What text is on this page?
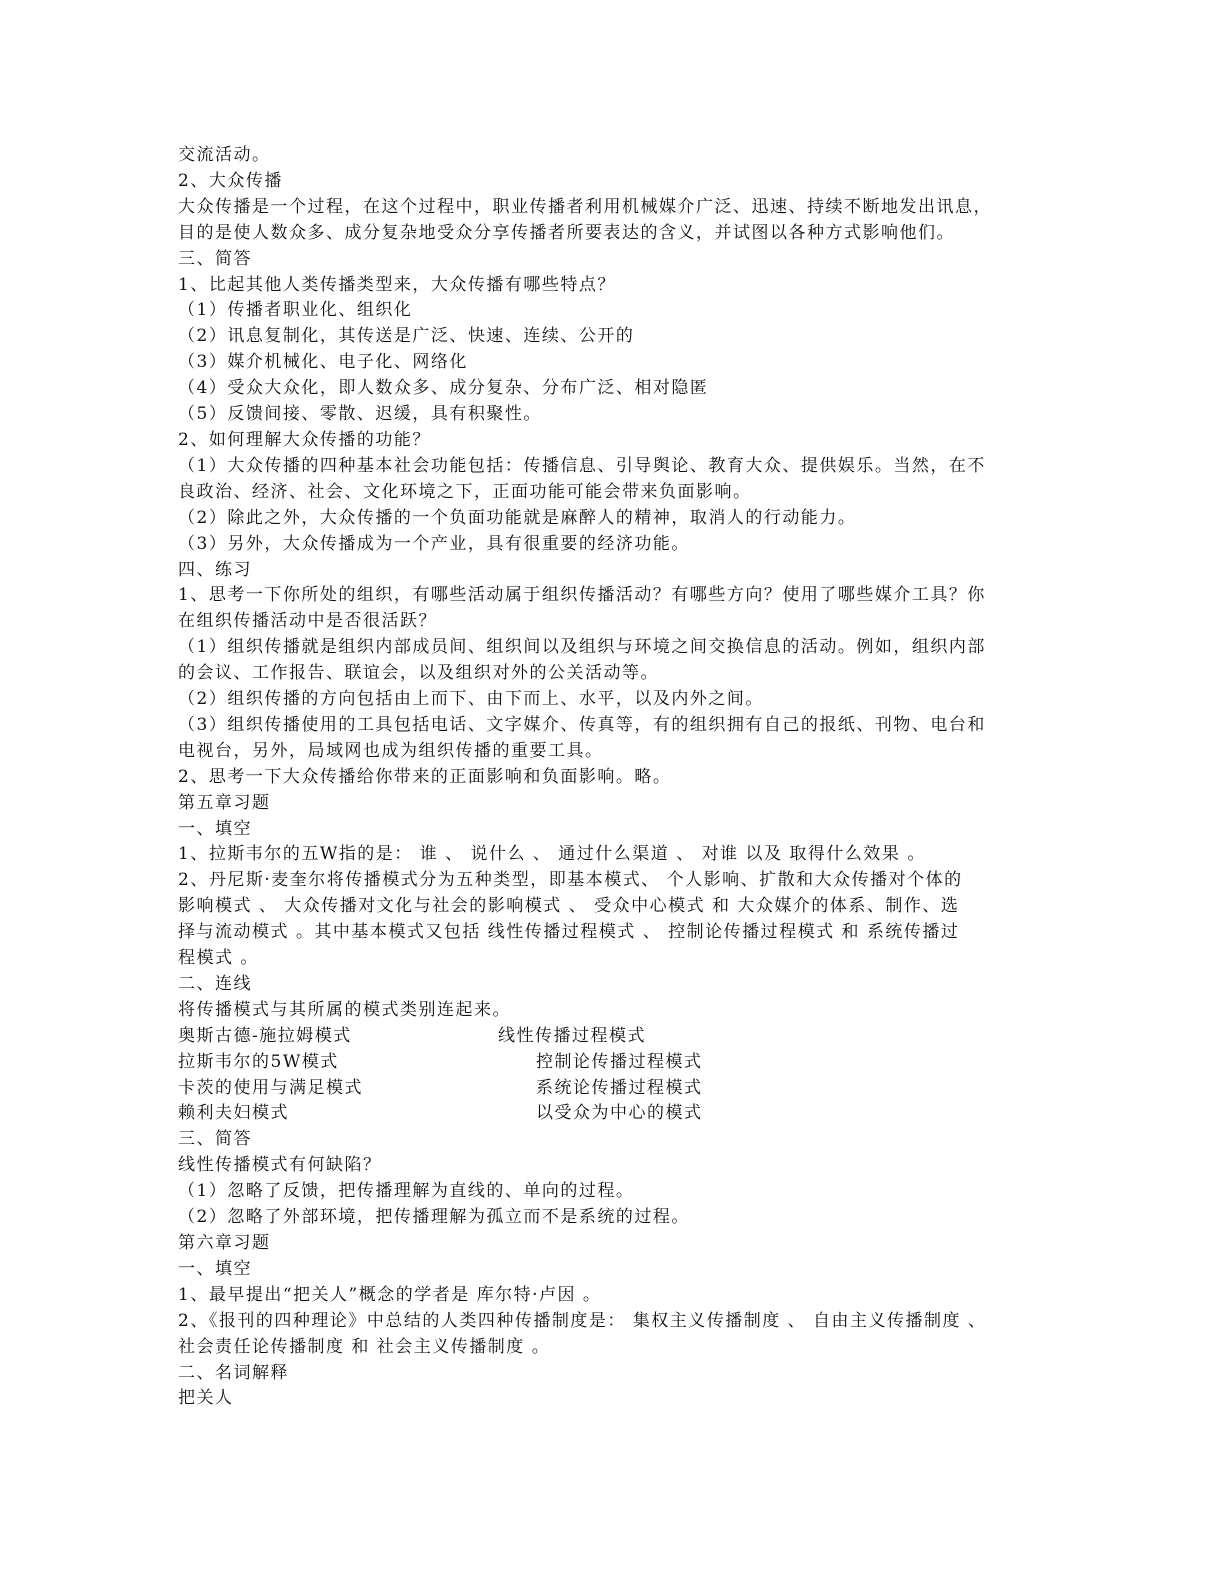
交流活动。
2、大众传播
大众传播是一个过程，在这个过程中，职业传播者利用机械媒介广泛、迅速、持续不断地发出讯息，
目的是使人数众多、成分复杂地受众分享传播者所要表达的含义，并试图以各种方式影响他们。
三、简答
1、比起其他人类传播类型来，大众传播有哪些特点？
（1）传播者职业化、组织化
（2）讯息复制化，其传送是广泛、快速、连续、公开的
（3）媒介机械化、电子化、网络化
（4）受众大众化，即人数众多、成分复杂、分布广泛、相对隐匿
（5）反馈间接、零散、迟缓，具有积聚性。
2、如何理解大众传播的功能？
（1）大众传播的四种基本社会功能包括：传播信息、引导舆论、教育大众、提供娱乐。当然，在不
良政治、经济、社会、文化环境之下，正面功能可能会带来负面影响。
（2）除此之外，大众传播的一个负面功能就是麻醉人的精神，取消人的行动能力。
（3）另外，大众传播成为一个产业，具有很重要的经济功能。
四、练习
1、思考一下你所处的组织，有哪些活动属于组织传播活动？有哪些方向？使用了哪些媒介工具？你
在组织传播活动中是否很活跃？
（1）组织传播就是组织内部成员间、组织间以及组织与环境之间交换信息的活动。例如，组织内部
的会议、工作报告、联谊会，以及组织对外的公关活动等。
（2）组织传播的方向包括由上而下、由下而上、水平，以及内外之间。
（3）组织传播使用的工具包括电话、文字媒介、传真等，有的组织拥有自己的报纸、刊物、电台和
电视台，另外，局域网也成为组织传播的重要工具。
2、思考一下大众传播给你带来的正面影响和负面影响。略。
第五章习题
一、填空
1、拉斯韦尔的五W指的是： 谁 、 说什么 、 通过什么渠道 、 对谁 以及 取得什么效果 。
2、丹尼斯·麦奎尔将传播模式分为五种类型，即基本模式、 个人影响、扩散和大众传播对个体的
影响模式 、 大众传播对文化与社会的影响模式 、 受众中心模式 和 大众媒介的体系、制作、选
择与流动模式 。其中基本模式又包括 线性传播过程模式 、 控制论传播过程模式 和 系统传播过
程模式 。
二、连线
将传播模式与其所属的模式类别连起来。
奥斯古德-施拉姆模式	线性传播过程模式
拉斯韦尔的5W模式	控制论传播过程模式
卡茨的使用与满足模式	系统论传播过程模式
赖利夫妇模式	以受众为中心的模式
三、简答
线性传播模式有何缺陷？
（1）忽略了反馈，把传播理解为直线的、单向的过程。
（2）忽略了外部环境，把传播理解为孤立而不是系统的过程。
第六章习题
一、填空
1、最早提出“把关人”概念的学者是 库尔特·卢因 。
2、《报刊的四种理论》中总结的人类四种传播制度是： 集权主义传播制度 、 自由主义传播制度 、
社会责任论传播制度 和 社会主义传播制度 。
二、名词解释
把关人
